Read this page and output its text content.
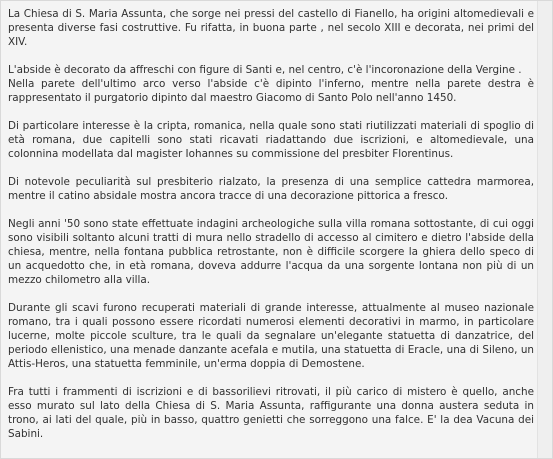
La Chiesa di S. Maria Assunta, che sorge nei pressi del castello di Fianello, ha origini altomedievali e presenta diverse fasi costruttive. Fu rifatta, in buona parte , nel secolo XIII e decorata, nei primi del XIV.

L'abside è decorato da affreschi con figure di Santi e, nel centro, c'è l'incoronazione della Vergine .
Nella parete dell'ultimo arco verso l'abside c'è dipinto l'inferno, mentre nella parete destra è rappresentato il purgatorio dipinto dal maestro Giacomo di Santo Polo nell'anno 1450.

Di particolare interesse è la cripta, romanica, nella quale sono stati riutilizzati materiali di spoglio di età romana, due capitelli sono stati ricavati riadattando due iscrizioni, e altomedievale, una colonnina modellata dal magister Iohannes su commissione del presbiter Florentinus.

Di notevole peculiarità sul presbiterio rialzato, la presenza di una semplice cattedra marmorea, mentre il catino absidale mostra ancora tracce di una decorazione pittorica a fresco.

Negli anni '50 sono state effettuate indagini archeologiche sulla villa romana sottostante, di cui oggi sono visibili soltanto alcuni tratti di mura nello stradello di accesso al cimitero e dietro l'abside della chiesa, mentre, nella fontana pubblica retrostante, non è difficile scorgere la ghiera dello speco di un acquedotto che, in età romana, doveva addurre l'acqua da una sorgente lontana non più di un mezzo chilometro alla villa.

Durante gli scavi furono recuperati materiali di grande interesse, attualmente al museo nazionale romano, tra i quali possono essere ricordati numerosi elementi decorativi in marmo, in particolare lucerne, molte piccole sculture, tra le quali da segnalare un'elegante statuetta di danzatrice, del periodo ellenistico, una menade danzante acefala e mutila, una statuetta di Eracle, una di Sileno, un Attis-Heros, una statuetta femminile, un'erma doppia di Demostene.

Fra tutti i frammenti di iscrizioni e di bassorilievi ritrovati, il più carico di mistero è quello, anche esso murato sul lato della Chiesa di S. Maria Assunta, raffigurante una donna austera seduta in trono, ai lati del quale, più in basso, quattro genietti che sorreggono una falce. E' la dea Vacuna dei Sabini.
